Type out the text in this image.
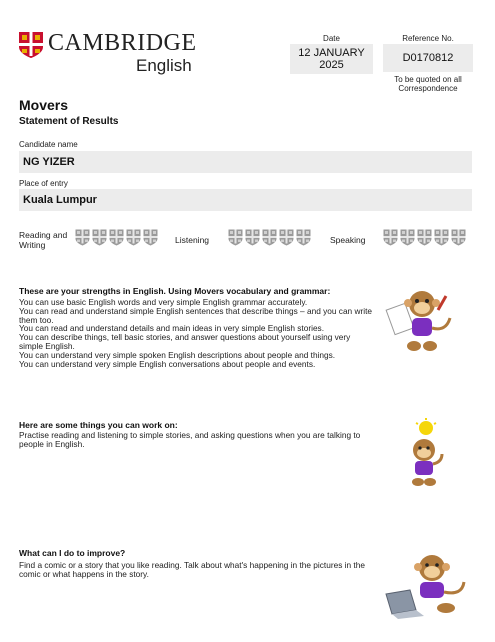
CAMBRIDGE
English
Date
12 JANUARY
2025
Reference No.
D0170812
To be quoted on all
Correspondence
Movers
Statement of Results
Candidate name
NG YIZER
Place of entry
Kuala Lumpur
Reading and
Writing	Listening	Speaking
These are your strengths in English. Using Movers vocabulary and grammar:
You can use basic English words and very simple English grammar accurately.
You can read and understand simple English sentences that describe things – and you can write
them too.
You can read and understand details and main ideas in very simple English stories.
You can describe things, tell basic stories, and answer questions about yourself using very
simple English.
You can understand very simple spoken English descriptions about people and things.
You can understand very simple English conversations about people and events.
Here are some things you can work on:
Practise reading and listening to simple stories, and asking questions when you are talking to
people in English.
What can I do to improve?
Find a comic or a story that you like reading. Talk about what's happening in the pictures in the
comic or what happens in the story.
